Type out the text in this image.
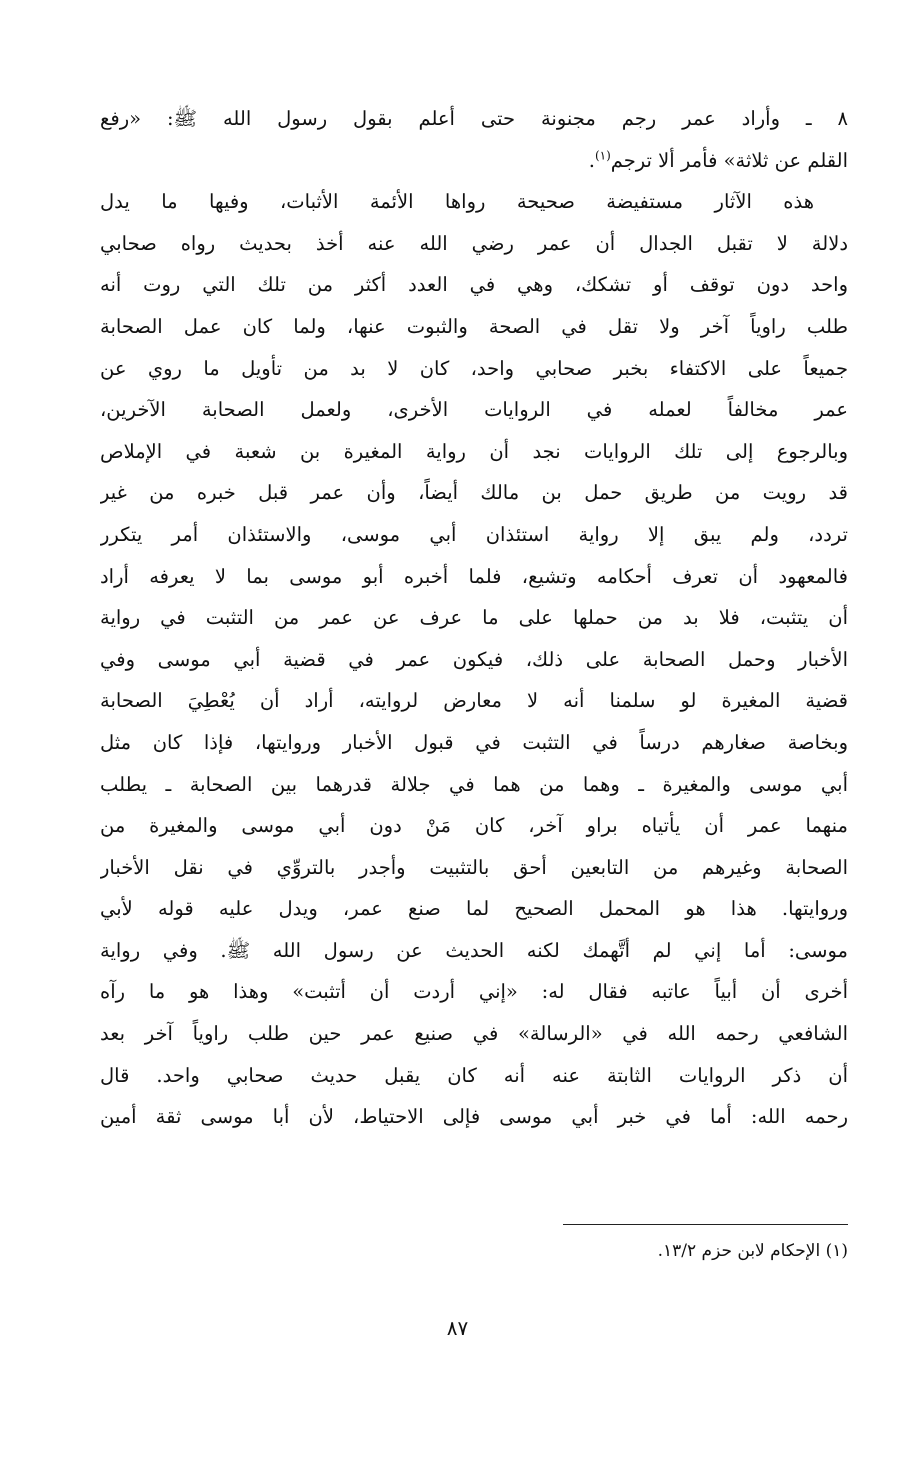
٨ ـ وأراد عمر رجم مجنونة حتى أعلم بقول رسول الله ﷺ: «رفع
القلم عن ثلاثة» فأمر ألا ترجم$^{(١)}$.
هذه الآثار مستفيضة صحيحة رواها الأئمة الأثبات، وفيها ما يدل
دلالة لا تقبل الجدال أن عمر رضي الله عنه أخذ بحديث رواه صحابي
واحد دون توقف أو تشكك، وهي في العدد أكثر من تلك التي روت أنه
طلب راوياً آخر ولا تقل في الصحة والثبوت عنها، ولما كان عمل الصحابة
جميعاً على الاكتفاء بخبر صحابي واحد، كان لا بد من تأويل ما روي عن
عمر مخالفاً لعمله في الروايات الأخرى، ولعمل الصحابة الآخرين،
وبالرجوع إلى تلك الروايات نجد أن رواية المغيرة بن شعبة في الإملاص
قد رويت من طريق حمل بن مالك أيضاً، وأن عمر قبل خبره من غير
تردد، ولم يبق إلا رواية استئذان أبي موسى، والاستئذان أمر يتكرر
فالمعهود أن تعرف أحكامه وتشيع، فلما أخبره أبو موسى بما لا يعرفه أراد
أن يتثبت، فلا بد من حملها على ما عرف عن عمر من التثبت في رواية
الأخبار وحمل الصحابة على ذلك، فيكون عمر في قضية أبي موسى وفي
قضية المغيرة لو سلمنا أنه لا معارض لروايته، أراد أن يُعْطِيَ الصحابة
وبخاصة صغارهم درساً في التثبت في قبول الأخبار وروايتها، فإذا كان مثل
أبي موسى والمغيرة ـ وهما من هما في جلالة قدرهما بين الصحابة ـ يطلب
منهما عمر أن يأتياه براو آخر، كان مَنْ دون أبي موسى والمغيرة من
الصحابة وغيرهم من التابعين أحق بالتثبيت وأجدر بالتروِّي في نقل الأخبار
وروايتها. هذا هو المحمل الصحيح لما صنع عمر، ويدل عليه قوله لأبي
موسى: أما إني لم أتَّهمك لكنه الحديث عن رسول الله ﷺ. وفي رواية
أخرى أن أبياً عاتبه فقال له: «إني أردت أن أتثبت» وهذا هو ما رآه
الشافعي رحمه الله في «الرسالة» في صنيع عمر حين طلب راوياً آخر بعد
أن ذكر الروايات الثابتة عنه أنه كان يقبل حديث صحابي واحد. قال
رحمه الله: أما في خبر أبي موسى فإلى الاحتياط، لأن أبا موسى ثقة أمين
(١) الإحكام لابن حزم ١٣/٢.
٨٧
